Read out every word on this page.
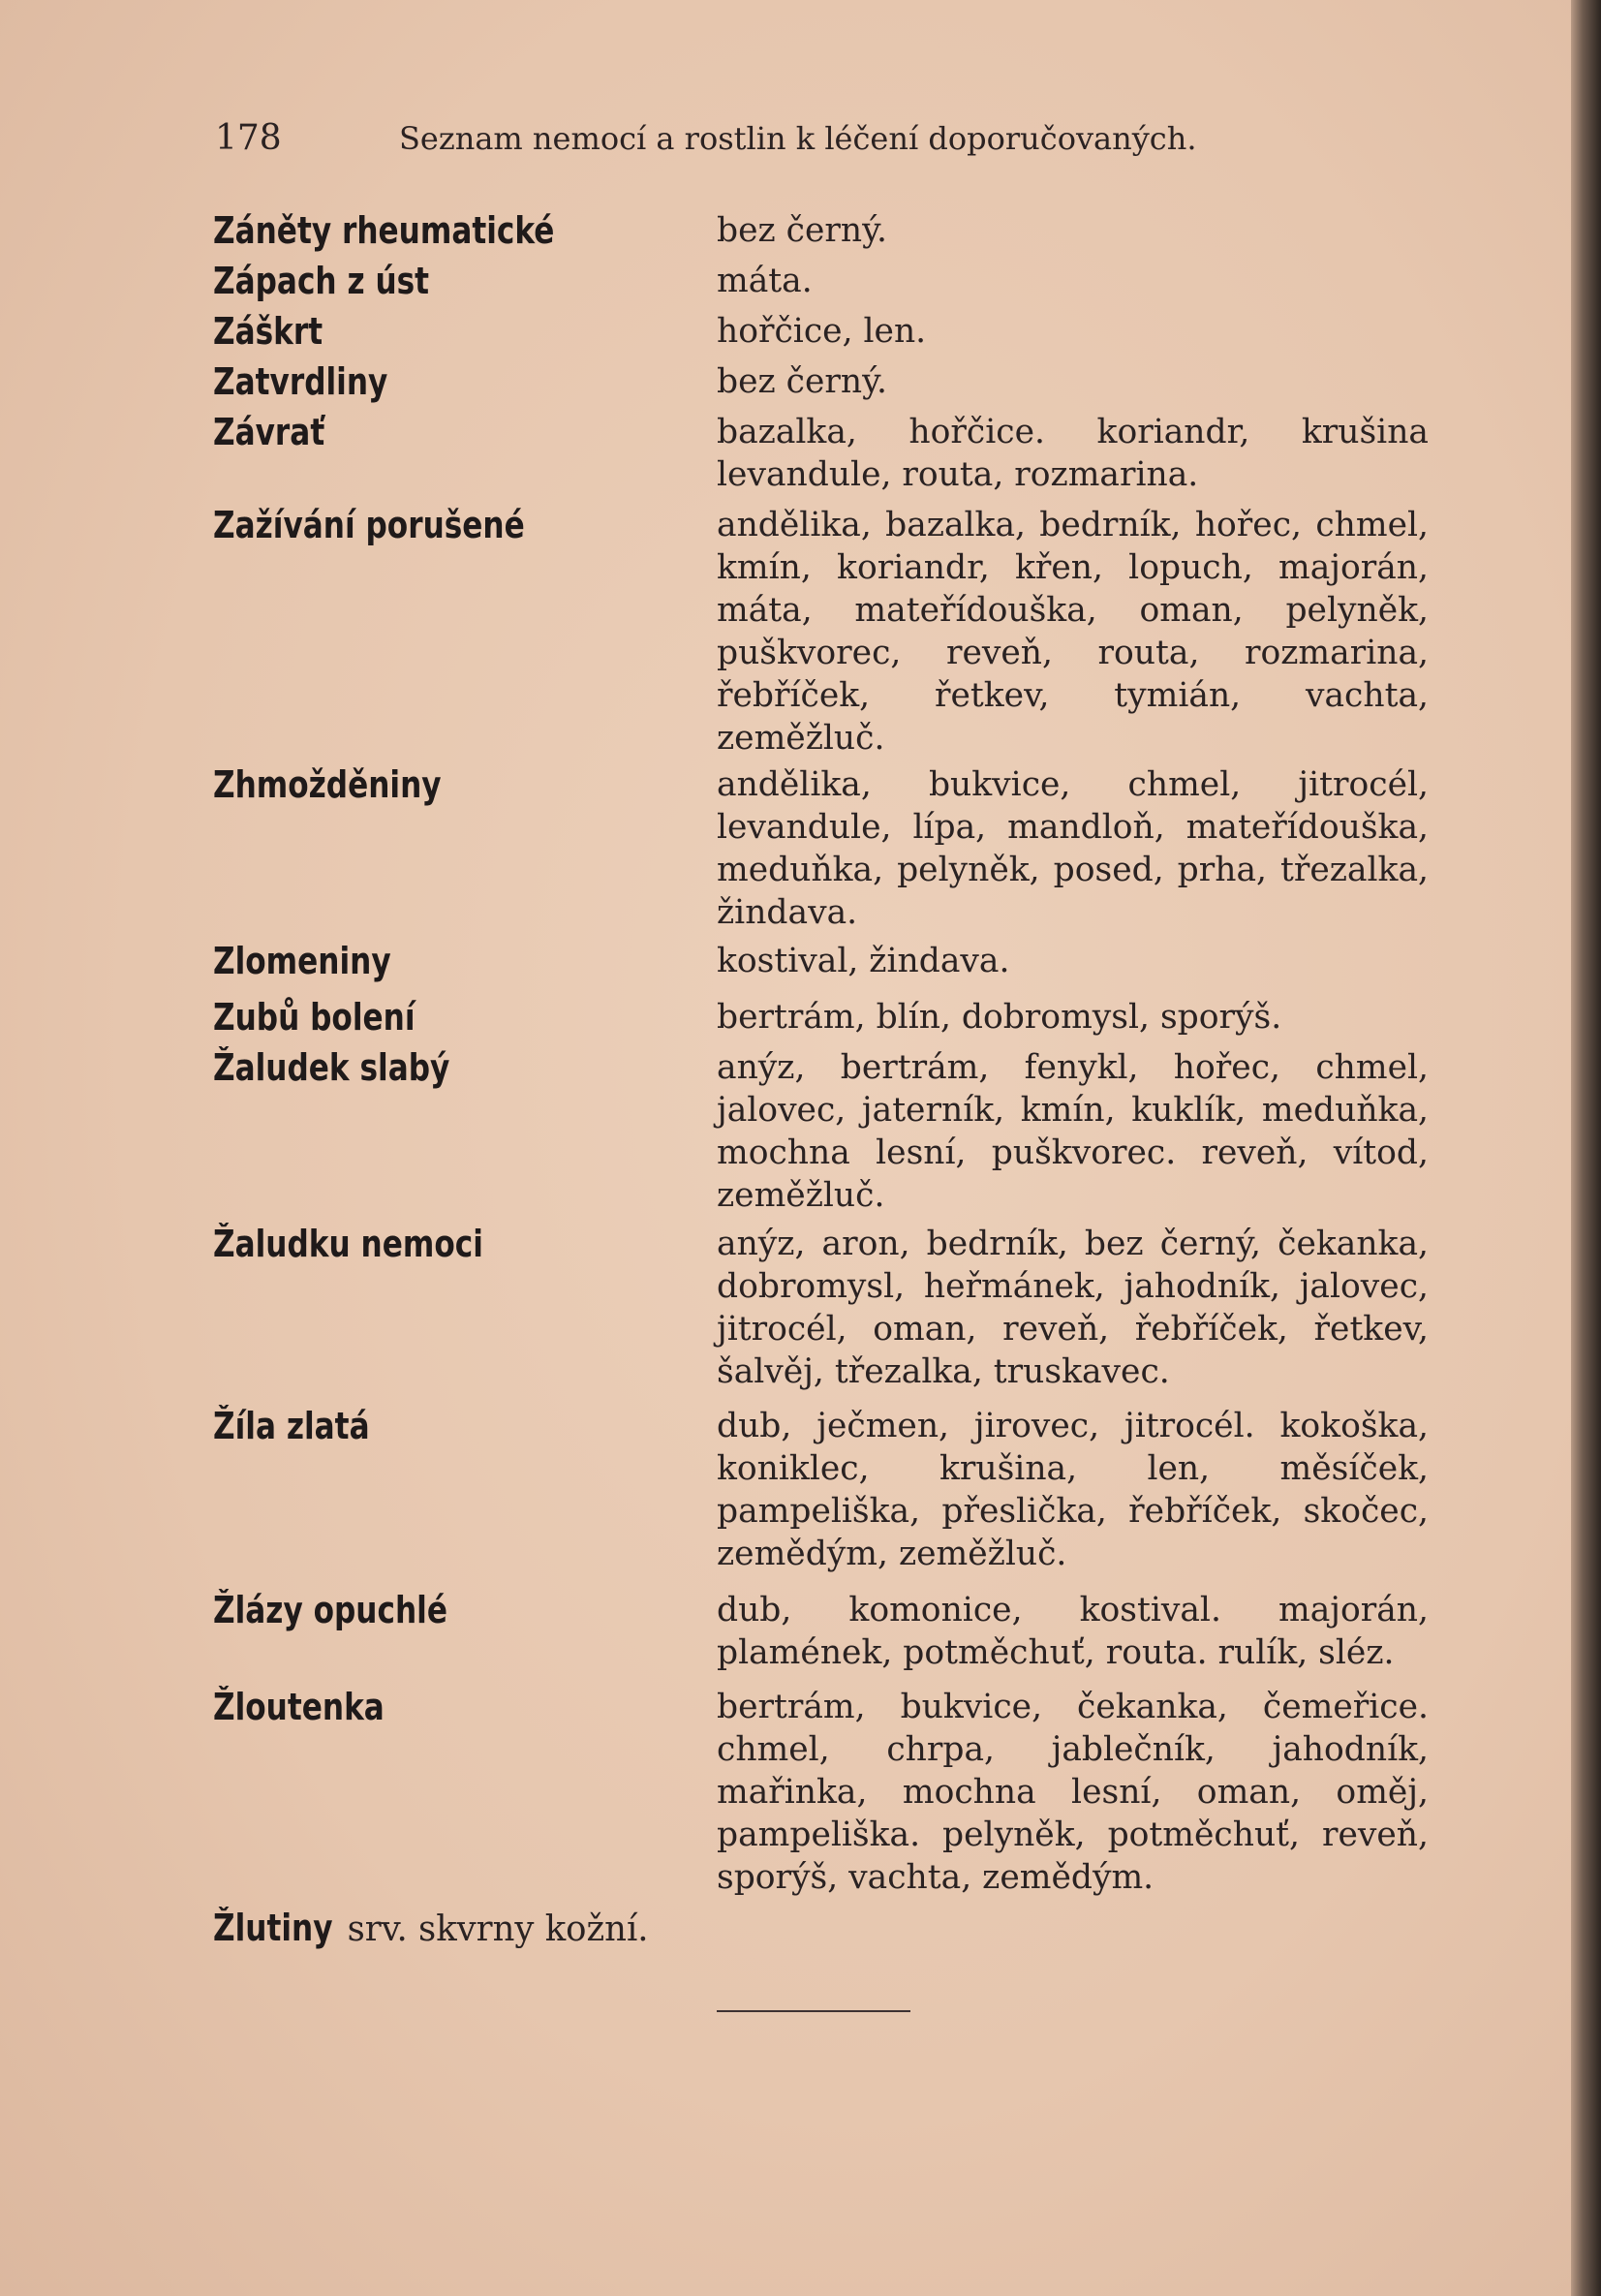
178	Seznam nemocí a rostlin k léčení doporučovaných.
Záněty rheumatické	bez černý.
Zápach z úst	máta.
Záškrt	hořčice, len.
Zatvrdliny	bez černý.
Závrať	bazalka, hořčice. koriandr, krušina levandule, routa, rozmarina.
Zažívání porušené	andělika, bazalka, bedrník, hořec, chmel, kmín, koriandr, křen, lopuch, majorán, máta, mateřídouška, oman, pelyněk, puškvorec, reveň, routa, rozmarina, řebříček, řetkev, tymián, vachta, zeměžluč.
Zhmožděniny	andělika, bukvice, chmel, jitrocél, levandule, lípa, mandloň, mateřídouška, meduňka, pelyněk, posed, prha, třezalka, žindava.
Zlomeniny	kostival, žindava.
Zubů bolení	bertrám, blín, dobromysl, sporýš.
Žaludek slabý	anýz, bertrám, fenykl, hořec, chmel, jalovec, jaterník, kmín, kuklík, meduňka, mochna lesní, puškvorec. reveň, vítod, zeměžluč.
Žaludku nemoci	anýz, aron, bedrník, bez černý, čekanka, dobromysl, heřmánek, jahodník, jalovec, jitrocél, oman, reveň, řebříček, řetkev, šalvěj, třezalka, truskavec.
Žíla zlatá	dub, ječmen, jirovec, jitrocél. kokoška, koniklec, krušina, len, měsíček, pampeliška, přeslička, řebříček, skočec, zemědým, zeměžluč.
Žlázy opuchlé	dub, komonice, kostival. majorán, plamének, potměchuť, routa. rulík, sléz.
Žloutenka	bertrám, bukvice, čekanka, čemeřice. chmel, chrpa, jablečník, jahodník, mařinka, mochna lesní, oman, oměj, pampeliška. pelyněk, potměchuť, reveň, sporýš, vachta, zemědým.
Žlutiny srv. skvrny kožní.
